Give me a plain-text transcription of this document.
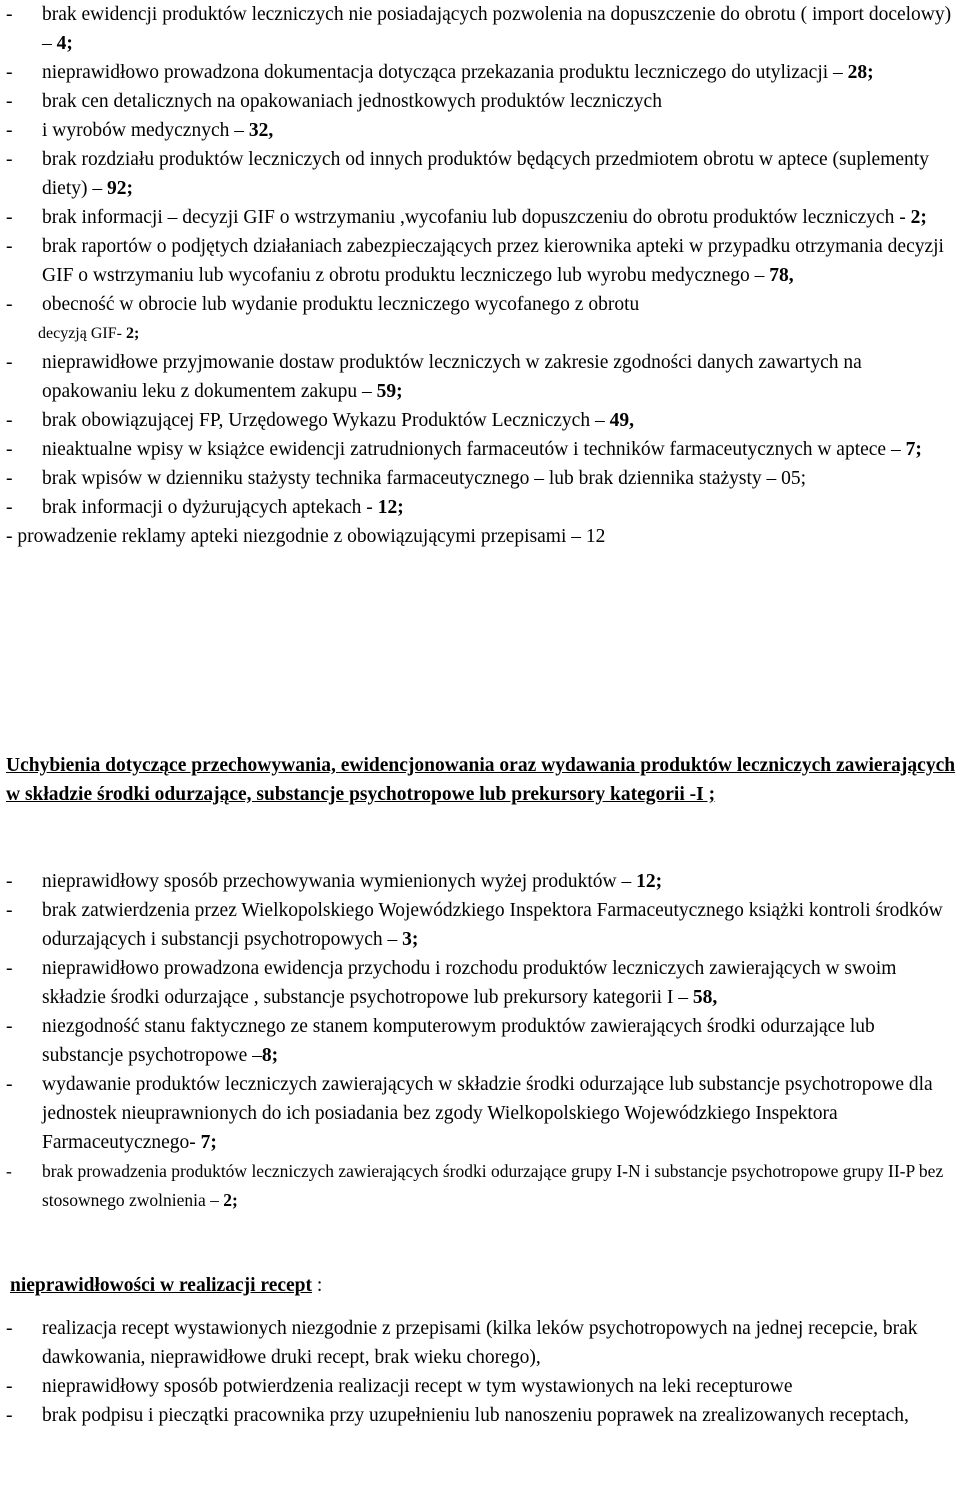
- brak ewidencji produktów leczniczych nie posiadających pozwolenia na dopuszczenie do obrotu ( import docelowy) – 4;
- nieprawidłowo prowadzona dokumentacja dotycząca przekazania produktu leczniczego do utylizacji – 28;
- brak cen detalicznych na opakowaniach jednostkowych produktów leczniczych
- i wyrobów medycznych – 32,
- brak rozdziału produktów leczniczych od innych produktów będących przedmiotem obrotu w aptece (suplementy diety) – 92;
- brak informacji – decyzji GIF o wstrzymaniu ,wycofaniu lub dopuszczeniu do obrotu produktów leczniczych - 2;
- brak raportów o podjętych działaniach zabezpieczających przez kierownika apteki w przypadku otrzymania decyzji GIF o wstrzymaniu lub wycofaniu z obrotu produktu leczniczego lub wyrobu medycznego – 78,
- obecność w obrocie lub wydanie produktu leczniczego wycofanego z obrotu
decyzją GIF- 2;
- nieprawidłowe przyjmowanie dostaw produktów leczniczych w zakresie zgodności danych zawartych na opakowaniu leku z dokumentem zakupu – 59;
- brak obowiązującej FP, Urzędowego Wykazu Produktów Leczniczych – 49,
- nieaktualne wpisy w książce ewidencji zatrudnionych farmaceutów i techników farmaceutycznych w aptece – 7;
- brak wpisów w dzienniku stażysty technika farmaceutycznego – lub brak dziennika stażysty – 05;
- brak informacji o dyżurujących aptekach - 12;
- prowadzenie reklamy apteki niezgodnie z obowiązującymi przepisami – 12
Uchybienia dotyczące przechowywania, ewidencjonowania oraz wydawania produktów leczniczych zawierających w składzie środki odurzające, substancje psychotropowe lub prekursory kategorii -I ;
- nieprawidłowy sposób przechowywania wymienionych wyżej produktów – 12;
- brak zatwierdzenia przez Wielkopolskiego Wojewódzkiego Inspektora Farmaceutycznego książki kontroli środków odurzających i substancji psychotropowych – 3;
- nieprawidłowo prowadzona ewidencja przychodu i rozchodu produktów leczniczych zawierających w swoim składzie środki odurzające , substancje psychotropowe lub prekursory kategorii I – 58,
- niezgodność stanu faktycznego ze stanem komputerowym produktów zawierających środki odurzające lub substancje psychotropowe –8;
- wydawanie produktów leczniczych zawierających w składzie środki odurzające lub substancje psychotropowe dla jednostek nieuprawnionych do ich posiadania bez zgody Wielkopolskiego Wojewódzkiego Inspektora Farmaceutycznego- 7;
- brak prowadzenia produktów leczniczych zawierających środki odurzające grupy I-N i substancje psychotropowe grupy II-P bez stosownego zwolnienia – 2;
nieprawidłowości w realizacji recept :
- realizacja recept wystawionych niezgodnie z przepisami (kilka leków psychotropowych na jednej recepcie, brak dawkowania, nieprawidłowe druki recept, brak wieku chorego),
- nieprawidłowy sposób potwierdzenia realizacji recept w tym wystawionych na leki recepturowe
- brak podpisu i pieczątki pracownika przy uzupełnieniu lub nanoszeniu poprawek na zrealizowanych receptach,
